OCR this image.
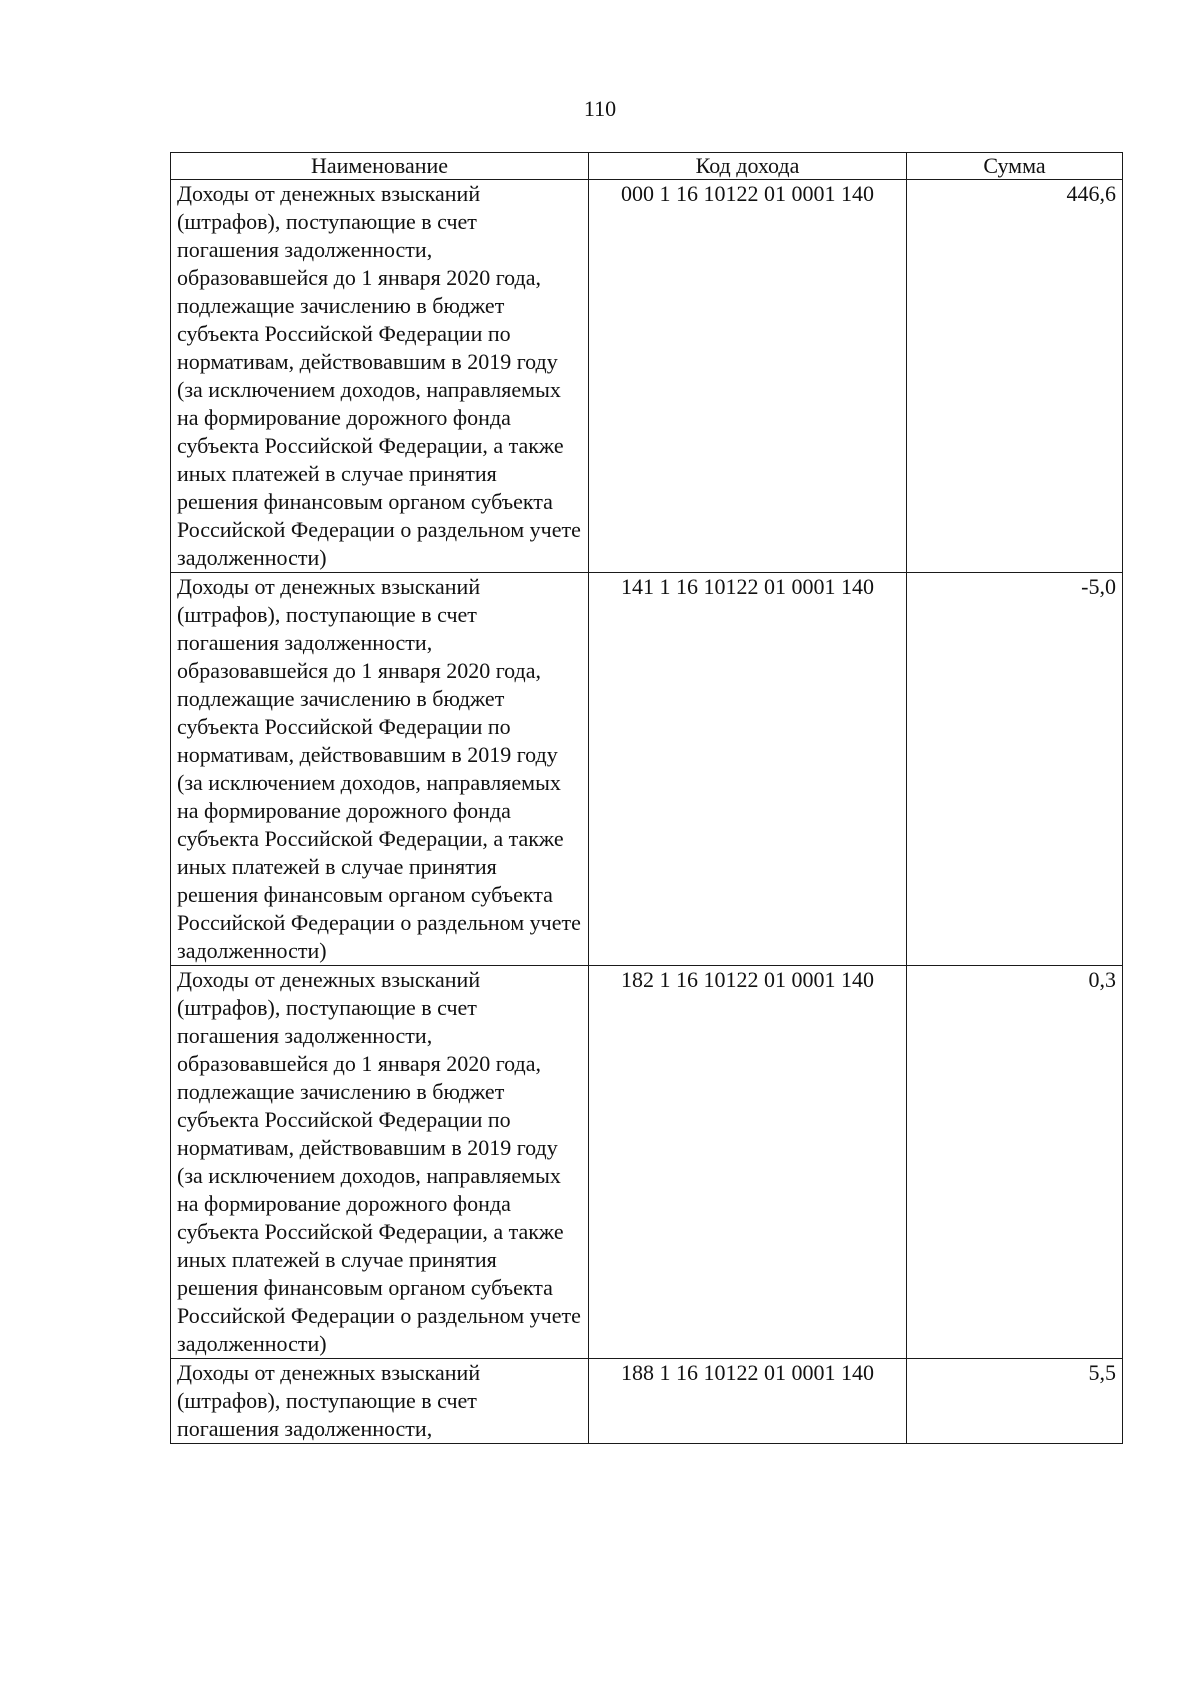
110
Наименование	Код дохода	Сумма
Доходы от денежных взысканий (штрафов), поступающие в счет погашения задолженности, образовавшейся до 1 января 2020 года, подлежащие зачислению в бюджет субъекта Российской Федерации по нормативам, действовавшим в 2019 году (за исключением доходов, направляемых на формирование дорожного фонда субъекта Российской Федерации, а также иных платежей в случае принятия решения финансовым органом субъекта Российской Федерации о раздельном учете задолженности)	000 1 16 10122 01 0001 140	446,6
Доходы от денежных взысканий (штрафов), поступающие в счет погашения задолженности, образовавшейся до 1 января 2020 года, подлежащие зачислению в бюджет субъекта Российской Федерации по нормативам, действовавшим в 2019 году (за исключением доходов, направляемых на формирование дорожного фонда субъекта Российской Федерации, а также иных платежей в случае принятия решения финансовым органом субъекта Российской Федерации о раздельном учете задолженности)	141 1 16 10122 01 0001 140	-5,0
Доходы от денежных взысканий (штрафов), поступающие в счет погашения задолженности, образовавшейся до 1 января 2020 года, подлежащие зачислению в бюджет субъекта Российской Федерации по нормативам, действовавшим в 2019 году (за исключением доходов, направляемых на формирование дорожного фонда субъекта Российской Федерации, а также иных платежей в случае принятия решения финансовым органом субъекта Российской Федерации о раздельном учете задолженности)	182 1 16 10122 01 0001 140	0,3
Доходы от денежных взысканий (штрафов), поступающие в счет погашения задолженности,	188 1 16 10122 01 0001 140	5,5
